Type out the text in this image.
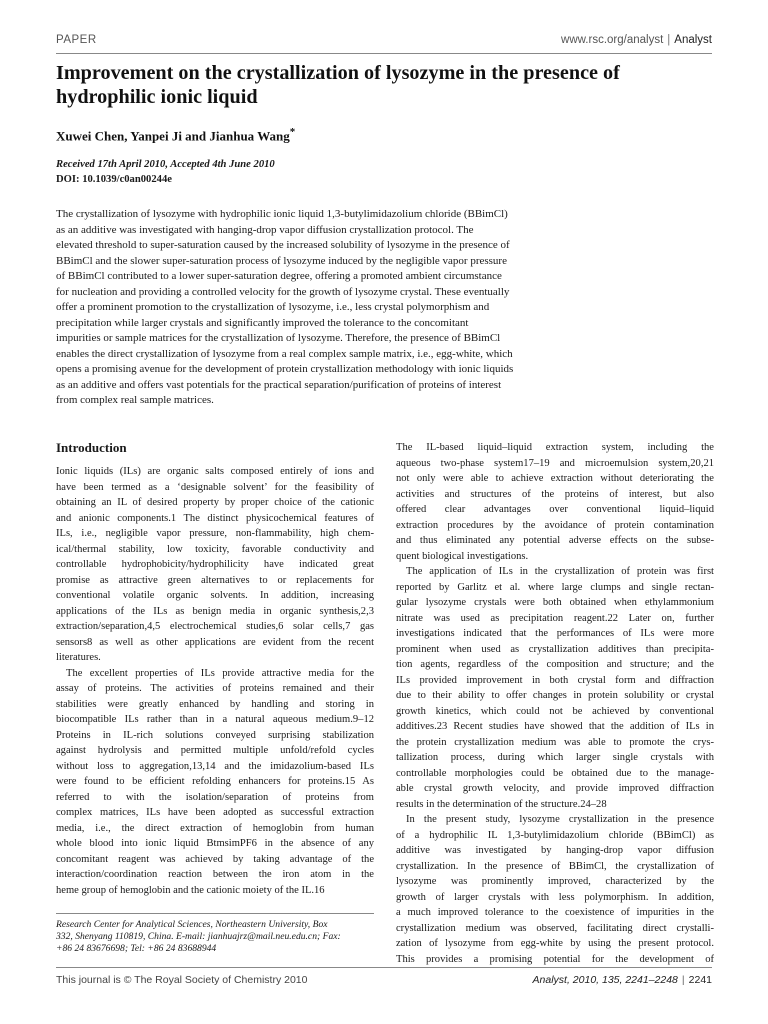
PAPER	www.rsc.org/analyst | Analyst
Improvement on the crystallization of lysozyme in the presence of hydrophilic ionic liquid
Xuwei Chen, Yanpei Ji and Jianhua Wang*
Received 17th April 2010, Accepted 4th June 2010
DOI: 10.1039/c0an00244e
The crystallization of lysozyme with hydrophilic ionic liquid 1,3-butylimidazolium chloride (BBimCl)
as an additive was investigated with hanging-drop vapor diffusion crystallization protocol. The
elevated threshold to super-saturation caused by the increased solubility of lysozyme in the presence of
BBimCl and the slower super-saturation process of lysozyme induced by the negligible vapor pressure
of BBimCl contributed to a lower super-saturation degree, offering a promoted ambient circumstance
for nucleation and providing a controlled velocity for the growth of lysozyme crystal. These eventually
offer a prominent promotion to the crystallization of lysozyme, i.e., less crystal polymorphism and
precipitation while larger crystals and significantly improved the tolerance to the concomitant
impurities or sample matrices for the crystallization of lysozyme. Therefore, the presence of BBimCl
enables the direct crystallization of lysozyme from a real complex sample matrix, i.e., egg-white, which
opens a promising avenue for the development of protein crystallization methodology with ionic liquids
as an additive and offers vast potentials for the practical separation/purification of proteins of interest
from complex real sample matrices.
Introduction
Ionic liquids (ILs) are organic salts composed entirely of ions and
have been termed as a ‘designable solvent’ for the feasibility of
obtaining an IL of desired property by proper choice of the cationic
and anionic components.1 The distinct physicochemical features of
ILs, i.e., negligible vapor pressure, non-flammability, high chem-
ical/thermal stability, low toxicity, favorable conductivity and
controllable hydrophobicity/hydrophilicity have indicated great
promise as attractive green alternatives to or replacements for
conventional volatile organic solvents. In addition, increasing
applications of the ILs as benign media in organic synthesis,2,3
extraction/separation,4,5 electrochemical studies,6 solar cells,7 gas
sensors8 as well as other applications are evident from the recent
literatures.
The excellent properties of ILs provide attractive media for the
assay of proteins. The activities of proteins remained and their
stabilities were greatly enhanced by handling and storing in
biocompatible ILs rather than in a natural aqueous medium.9–12
Proteins in IL-rich solutions conveyed surprising stabilization
against hydrolysis and permitted multiple unfold/refold cycles
without loss to aggregation,13,14 and the imidazolium-based ILs
were found to be efficient refolding enhancers for proteins.15 As
referred to with the isolation/separation of proteins from
complex matrices, ILs have been adopted as successful extraction
media, i.e., the direct extraction of hemoglobin from human
whole blood into ionic liquid BtmsimPF6 in the absence of any
concomitant reagent was achieved by taking advantage of the
interaction/coordination reaction between the iron atom in the
heme group of hemoglobin and the cationic moiety of the IL.16
The IL-based liquid–liquid extraction system, including the
aqueous two-phase system17–19 and microemulsion system,20,21
not only were able to achieve extraction without deteriorating the
activities and structures of the proteins of interest, but also
offered clear advantages over conventional liquid–liquid
extraction procedures by the avoidance of protein contamination
and thus eliminated any potential adverse effects on the subse-
quent biological investigations.
The application of ILs in the crystallization of protein was first
reported by Garlitz et al. where large clumps and single rectan-
gular lysozyme crystals were both obtained when ethylammonium
nitrate was used as precipitation reagent.22 Later on, further
investigations indicated that the performances of ILs were more
prominent when used as crystallization additives than precipita-
tion agents, regardless of the composition and structure; and the
ILs provided improvement in both crystal form and diffraction
due to their ability to offer changes in protein solubility or crystal
growth kinetics, which could not be achieved by conventional
additives.23 Recent studies have showed that the addition of ILs in
the protein crystallization medium was able to promote the crys-
tallization process, during which larger single crystals with
controllable morphologies could be obtained due to the manage-
able crystal growth velocity, and provide improved diffraction
results in the determination of the structure.24–28
In the present study, lysozyme crystallization in the presence
of a hydrophilic IL 1,3-butylimidazolium chloride (BBimCl) as
additive was investigated by hanging-drop vapor diffusion
crystallization. In the presence of BBimCl, the crystallization of
lysozyme was prominently improved, characterized by the
growth of larger crystals with less polymorphism. In addition,
a much improved tolerance to the coexistence of impurities in the
crystallization medium was observed, facilitating direct crystalli-
zation of lysozyme from egg-white by using the present protocol.
This provides a promising potential for the development of
Research Center for Analytical Sciences, Northeastern University, Box
332, Shenyang 110819, China. E-mail: jianhuajrz@mail.neu.edu.cn; Fax:
+86 24 83676698; Tel: +86 24 83688944
This journal is © The Royal Society of Chemistry 2010	Analyst, 2010, 135, 2241–2248 | 2241
